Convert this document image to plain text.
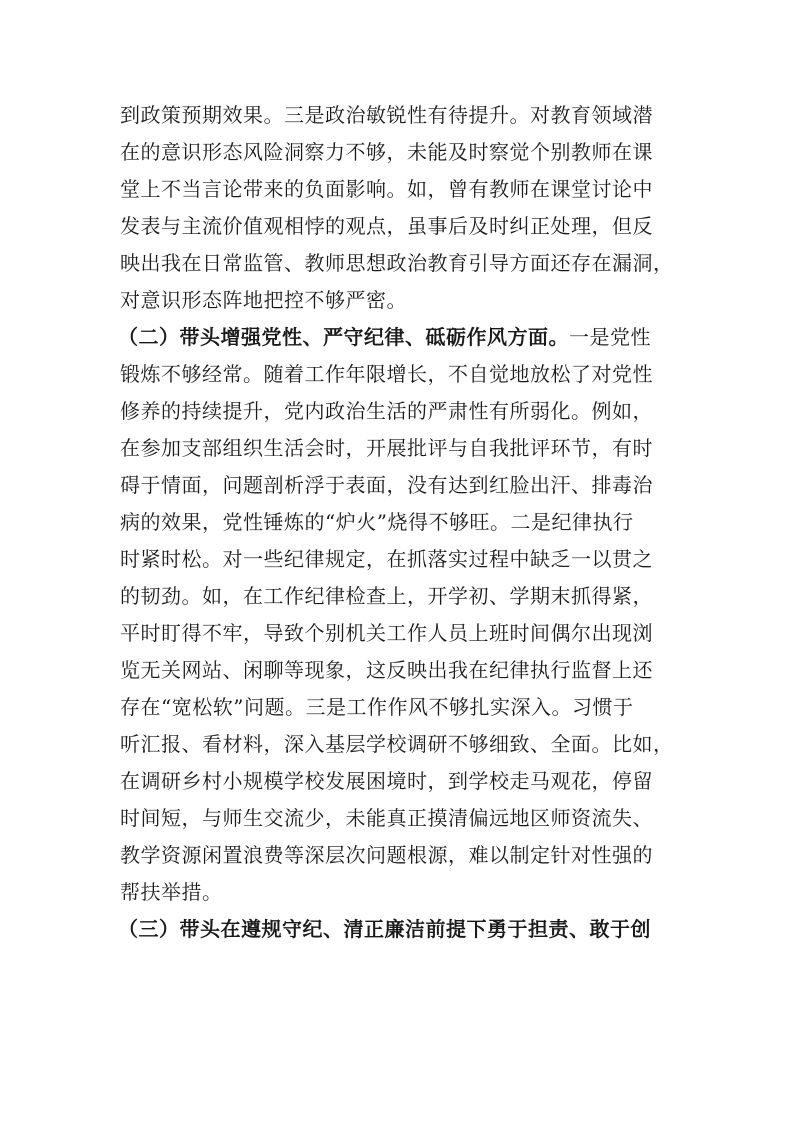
到政策预期效果。三是政治敏锐性有待提升。对教育领域潜
在的意识形态风险洞察力不够，未能及时察觉个别教师在课
堂上不当言论带来的负面影响。如，曾有教师在课堂讨论中
发表与主流价值观相悖的观点，虽事后及时纠正处理，但反
映出我在日常监管、教师思想政治教育引导方面还存在漏洞，
对意识形态阵地把控不够严密。
（二）带头增强党性、严守纪律、砥砺作风方面。一是党性
锻炼不够经常。随着工作年限增长，不自觉地放松了对党性
修养的持续提升，党内政治生活的严肃性有所弱化。例如，
在参加支部组织生活会时，开展批评与自我批评环节，有时
碍于情面，问题剖析浮于表面，没有达到红脸出汗、排毒治
病的效果，党性锤炼的“炉火”烧得不够旺。二是纪律执行
时紧时松。对一些纪律规定，在抓落实过程中缺乏一以贯之
的韧劲。如，在工作纪律检查上，开学初、学期末抓得紧，
平时盯得不牢，导致个别机关工作人员上班时间偶尔出现浏
览无关网站、闲聊等现象，这反映出我在纪律执行监督上还
存在“宽松软”问题。三是工作作风不够扎实深入。习惯于
听汇报、看材料，深入基层学校调研不够细致、全面。比如，
在调研乡村小规模学校发展困境时，到学校走马观花，停留
时间短，与师生交流少，未能真正摸清偏远地区师资流失、
教学资源闲置浪费等深层次问题根源，难以制定针对性强的
帮扶举措。
（三）带头在遵规守纪、清正廉洁前提下勇于担责、敢于创
